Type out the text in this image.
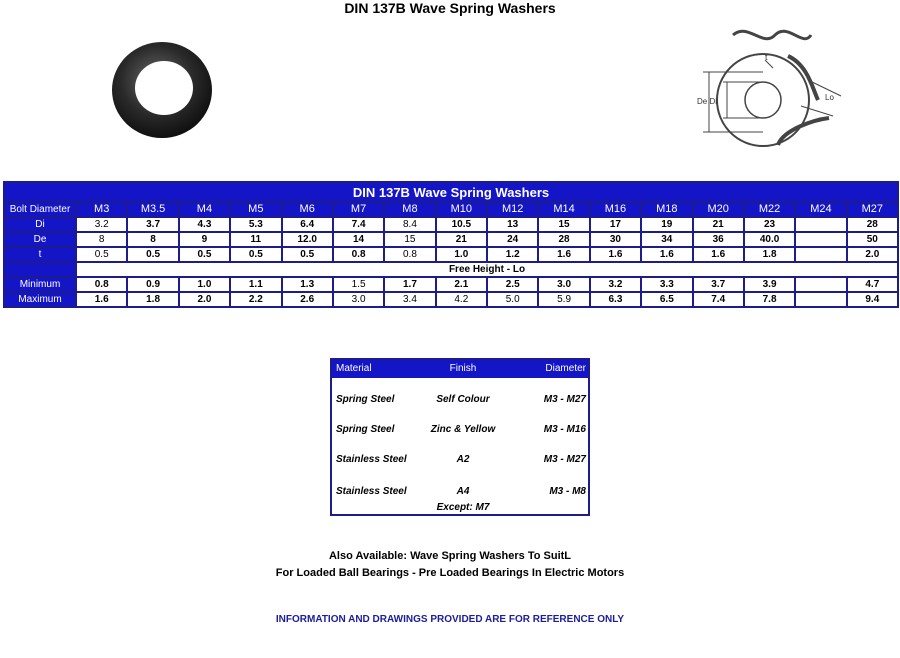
DIN 137B Wave Spring Washers
t
De Di	Lo
DIN 137B Wave Spring Washers																
Bolt Diameter	M3	M3.5	M4	M5	M6	M7	M8	M10	M12	M14	M16	M18	M20	M22	M24	M27
Di	3.2	3.7	4.3	5.3	6.4	7.4	8.4	10.5	13	15	17	19	21	23		28
De	8	8	9	11	12.0	14	15	21	24	28	30	34	36	40.0		50
t	0.5	0.5	0.5	0.5	0.5	0.8	0.8	1.0	1.2	1.6	1.6	1.6	1.6	1.8		2.0
	Free Height - Lo															
Minimum	0.8	0.9	1.0	1.1	1.3	1.5	1.7	2.1	2.5	3.0	3.2	3.3	3.7	3.9		4.7
Maximum	1.6	1.8	2.0	2.2	2.6	3.0	3.4	4.2	5.0	5.9	6.3	6.5	7.4	7.8		9.4
Material	Finish	Diameter
Spring Steel	Self Colour	M3 - M27
Spring Steel	Zinc & Yellow	M3 - M16
Stainless Steel	A2	M3 - M27
Stainless Steel	A4	M3 - M8
Except: M7
Also Available: Wave Spring Washers To SuitL
For Loaded Ball Bearings - Pre Loaded Bearings In Electric Motors
INFORMATION AND DRAWINGS PROVIDED ARE FOR REFERENCE ONLY
